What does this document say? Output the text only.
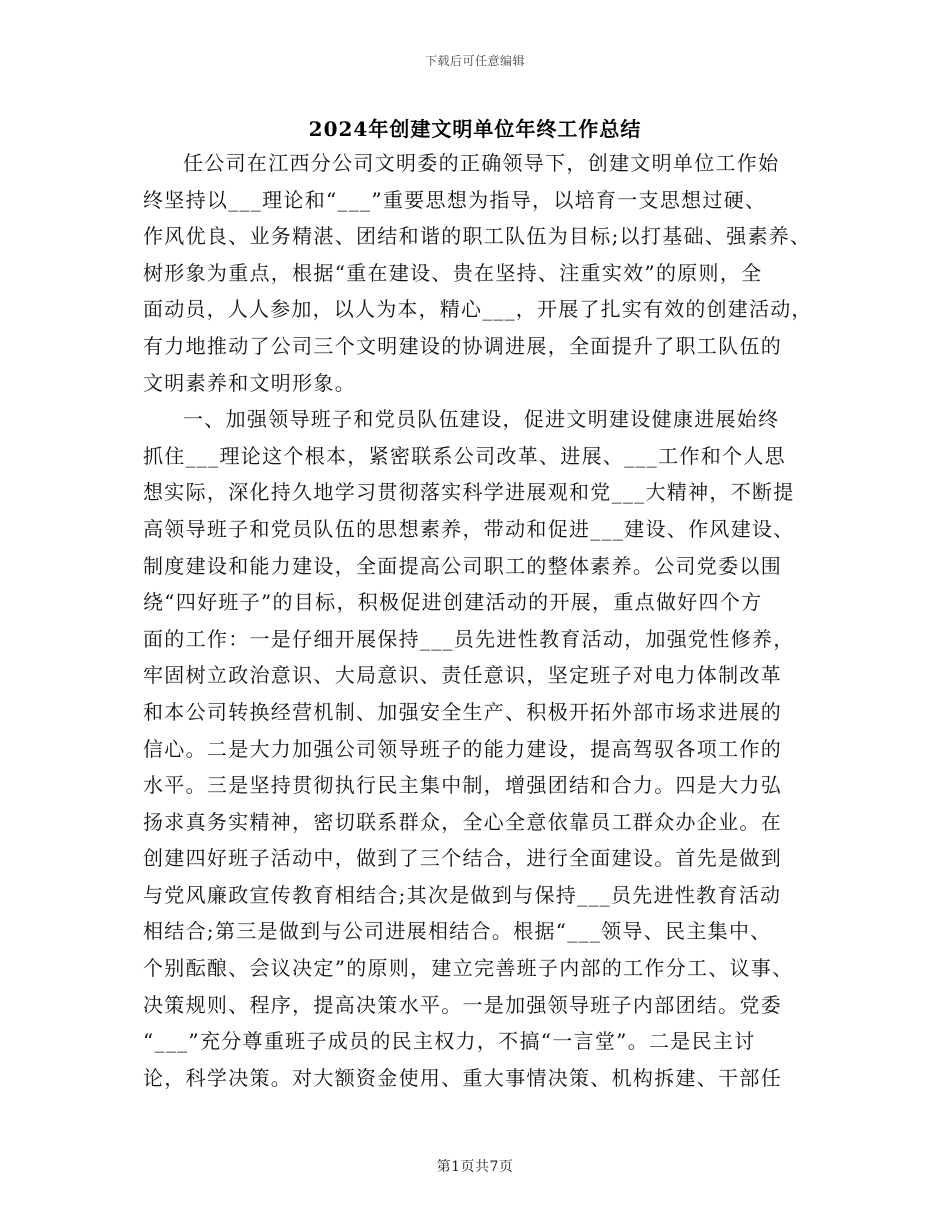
下载后可任意编辑
2024年创建文明单位年终工作总结
任公司在江西分公司文明委的正确领导下，创建文明单位工作始
终坚持以___理论和“___”重要思想为指导，以培育一支思想过硬、
作风优良、业务精湛、团结和谐的职工队伍为目标;以打基础、强素养、
树形象为重点，根据“重在建设、贵在坚持、注重实效”的原则，全
面动员，人人参加，以人为本，精心___，开展了扎实有效的创建活动，
有力地推动了公司三个文明建设的协调进展，全面提升了职工队伍的
文明素养和文明形象。
一、加强领导班子和党员队伍建设，促进文明建设健康进展始终
抓住___理论这个根本，紧密联系公司改革、进展、___工作和个人思
想实际，深化持久地学习贯彻落实科学进展观和党___大精神，不断提
高领导班子和党员队伍的思想素养，带动和促进___建设、作风建设、
制度建设和能力建设，全面提高公司职工的整体素养。公司党委以围
绕“四好班子”的目标，积极促进创建活动的开展，重点做好四个方
面的工作：一是仔细开展保持___员先进性教育活动，加强党性修养，
牢固树立政治意识、大局意识、责任意识，坚定班子对电力体制改革
和本公司转换经营机制、加强安全生产、积极开拓外部市场求进展的
信心。二是大力加强公司领导班子的能力建设，提高驾驭各项工作的
水平。三是坚持贯彻执行民主集中制，增强团结和合力。四是大力弘
扬求真务实精神，密切联系群众，全心全意依靠员工群众办企业。在
创建四好班子活动中，做到了三个结合，进行全面建设。首先是做到
与党风廉政宣传教育相结合;其次是做到与保持___员先进性教育活动
相结合;第三是做到与公司进展相结合。根据“___领导、民主集中、
个别酝酿、会议决定”的原则，建立完善班子内部的工作分工、议事、
决策规则、程序，提高决策水平。一是加强领导班子内部团结。党委
“___”充分尊重班子成员的民主权力，不搞“一言堂”。二是民主讨
论，科学决策。对大额资金使用、重大事情决策、机构拆建、干部任
第1页共7页
